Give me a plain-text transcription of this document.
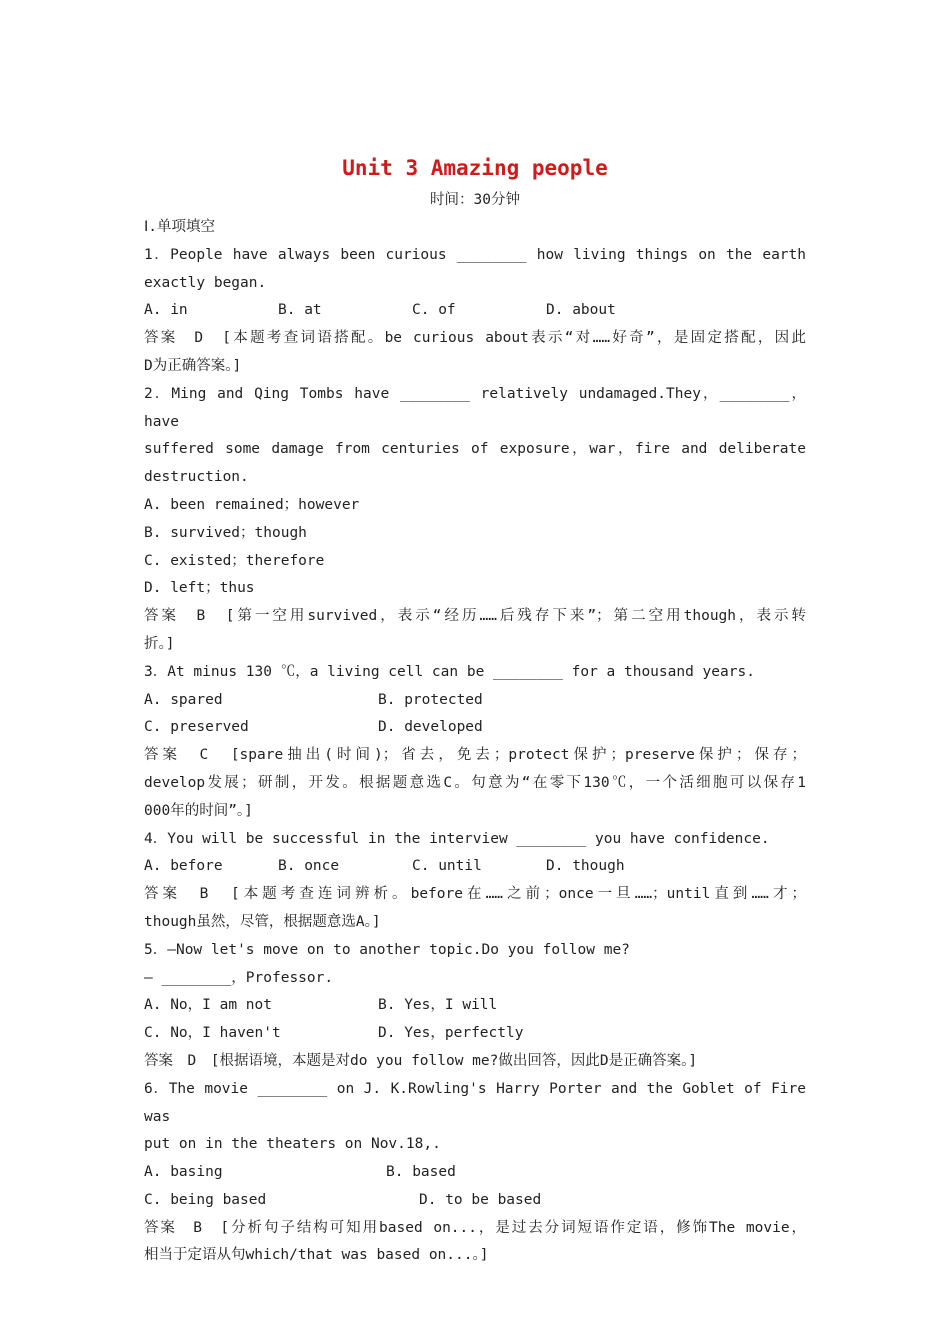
Unit 3 Amazing people
时间：30分钟
Ⅰ.单项填空
1．People have always been curious ________ how living things on the earth
exactly began.
A. in	B. at	C. of	D. about
答案　D　[本题考查词语搭配。be curious about表示“对……好奇”，是固定搭配，因此
D为正确答案。]
2．Ming and Qing Tombs have ________ relatively undamaged.They，________，have
suffered some damage from centuries of exposure，war，fire and deliberate
destruction.
A. been remained；however
B. survived；though
C. existed；therefore
D. left；thus
答案　B　[第一空用survived，表示“经历……后残存下来”；第二空用though，表示转
折。]
3．At minus 130 ℃，a living cell can be ________ for a thousand years.
A. spared	B. protected
C. preserved	D. developed
答案　C　[spare抽出(时间)；省去，免去；protect保护；preserve保护；保存；
develop发展；研制，开发。根据题意选C。句意为“在零下130℃，一个活细胞可以保存1
000年的时间”。]
4．You will be successful in the interview ________ you have confidence.
A. before	B. once	C. until	D. though
答案　B　[本题考查连词辨析。before在……之前；once一旦……；until直到……才；
though虽然，尽管，根据题意选A。]
5．—Now let's move on to another topic.Do you follow me?
— ________，Professor.
A. No，I am not	B. Yes，I will
C. No，I haven't	D. Yes，perfectly
答案　D　[根据语境，本题是对do you follow me?做出回答，因此D是正确答案。]
6．The movie ________ on J. K.Rowling's Harry Porter and the Goblet of Fire was
put on in the theaters on Nov.18,.
A. basing	B. based
C. being based	D. to be based
答案　B　[分析句子结构可知用based on...，是过去分词短语作定语，修饰The movie，
相当于定语从句which/that was based on...。]
